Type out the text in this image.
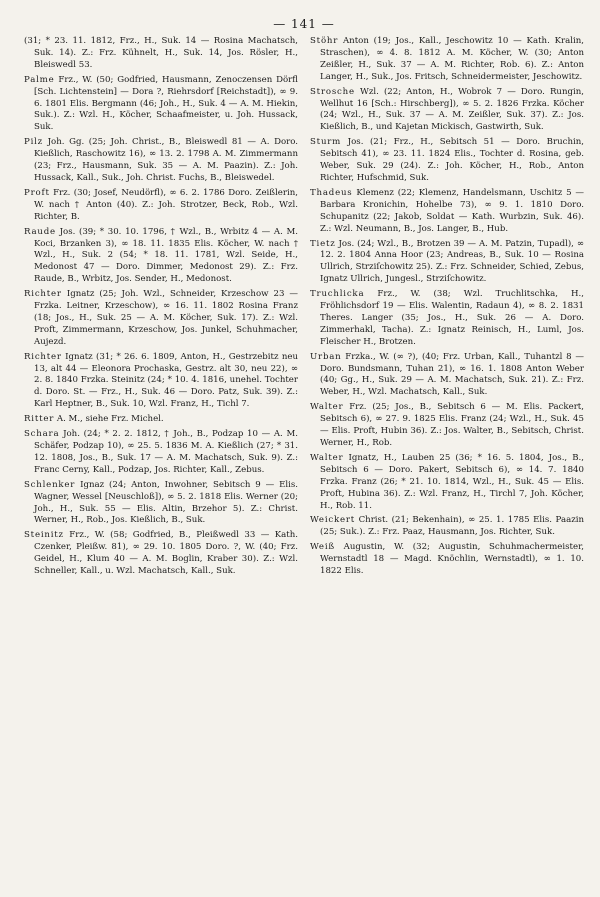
— 141 —

(31; * 23. 11. 1812, Frz., H., Suk. 14 — Rosina Machatsch, Suk. 14). Z.: Frz. Kühnelt, H., Suk. 14, Jos. Rösler, H., Bleiswedl 53.

Palme Frz., W. (50; Godfried, Hausmann, Zenoczensen Dörfl [Sch. Lichtenstein] — Dora ?, Riehrsdorf [Reichstadt]), ∞ 9. 6. 1801 Elis. Bergmann (46; Joh., H., Suk. 4 — A. M. Hiekin, Suk.). Z.: Wzl. H., Köcher, Schaafmeister, u. Joh. Hussack, Suk.

Pilz Joh. Gg. (25; Joh. Christ., B., Bleiswedl 81 — A. Doro. Kießlich, Raschowitz 16), ∞ 13. 2. 1798 A. M. Zimmermann (23; Frz., Hausmann, Suk. 35 — A. M. Paazin). Z.: Joh. Hussack, Kall., Suk., Joh. Christ. Fuchs, B., Bleiswedel.

Proft Frz. (30; Josef, Neudörfl), ∞ 6. 2. 1786 Doro. Zeißlerin, W. nach † Anton (40). Z.: Joh. Strotzer, Beck, Rob., Wzl. Richter, B.

Raude Jos. (39; * 30. 10. 1796, † Wzl., B., Wrbitz 4 — A. M. Koci, Brzanken 3), ∞ 18. 11. 1835 Elis. Köcher, W. nach † Wzl., H., Suk. 2 (54; * 18. 11. 1781, Wzl. Seide, H., Medonost 47 — Doro. Dimmer, Medonost 29). Z.: Frz. Raude, B., Wrbitz, Jos. Sender, H., Medonost.

Richter Ignatz (25; Joh. Wzl., Schneider, Krzeschow 23 — Frzka. Leitner, Krzeschow), ∞ 16. 11. 1802 Rosina Franz (18; Jos., H., Suk. 25 — A. M. Köcher, Suk. 17). Z.: Wzl. Proft, Zimmermann, Krzeschow, Jos. Junkel, Schuhmacher, Aujezd.

Richter Ignatz (31; * 26. 6. 1809, Anton, H., Gestrzebitz neu 13, alt 44 — Eleonora Prochaska, Gestrz. alt 30, neu 22), ∞ 2. 8. 1840 Frzka. Steinitz (24; * 10. 4. 1816, unehel. Tochter d. Doro. St. — Frz., H., Suk. 46 — Doro. Patz, Suk. 39). Z.: Karl Heptner, B., Suk. 10, Wzl. Franz, H., Tichl 7.

Ritter A. M., siehe Frz. Michel.

Schara Joh. (24; * 2. 2. 1812, † Joh., B., Podzap 10 — A. M. Schäfer, Podzap 10), ∞ 25. 5. 1836 M. A. Kießlich (27; * 31. 12. 1808, Jos., B., Suk. 17 — A. M. Machatsch, Suk. 9). Z.: Franc Cerny, Kall., Podzap, Jos. Richter, Kall., Zebus.

Schlenker Ignaz (24; Anton, Inwohner, Sebitsch 9 — Elis. Wagner, Wessel [Neuschloß]), ∞ 5. 2. 1818 Elis. Werner (20; Joh., H., Suk. 55 — Elis. Altin, Brzehor 5). Z.: Christ. Werner, H., Rob., Jos. Kießlich, B., Suk.

Steinitz Frz., W. (58; Godfried, B., Pleißwedl 33 — Kath. Czenker, Pleißw. 81), ∞ 29. 10. 1805 Doro. ?, W. (40; Frz. Geidel, H., Klum 40 — A. M. Boglin, Kraber 30). Z.: Wzl. Schneller, Kall., u. Wzl. Machatsch, Kall., Suk.

Stöhr Anton (19; Jos., Kall., Jeschowitz 10 — Kath. Kralin, Straschen), ∞ 4. 8. 1812 A. M. Köcher, W. (30; Anton Zeißler, H., Suk. 37 — A. M. Richter, Rob. 6). Z.: Anton Langer, H., Suk., Jos. Fritsch, Schneidermeister, Jeschowitz.

Strosche Wzl. (22; Anton, H., Wobrok 7 — Doro. Rungin, Wellhut 16 [Sch.: Hirschberg]), ∞ 5. 2. 1826 Frzka. Köcher (24; Wzl., H., Suk. 37 — A. M. Zeißler, Suk. 37). Z.: Jos. Kießlich, B., und Kajetan Mickisch, Gastwirth, Suk.

Sturm Jos. (21; Frz., H., Sebitsch 51 — Doro. Bruchin, Sebitsch 41), ∞ 23. 11. 1824 Elis., Tochter d. Rosina, geb. Weber, Suk. 29 (24). Z.: Joh. Köcher, H., Rob., Anton Richter, Hufschmid, Suk.

Thadeus Klemenz (22; Klemenz, Handelsmann, Uschitz 5 — Barbara Kronichin, Hohelbe 73), ∞ 9. 1. 1810 Doro. Schupanitz (22; Jakob, Soldat — Kath. Wurbzin, Suk. 46). Z.: Wzl. Neumann, B., Jos. Langer, B., Hub.

Tietz Jos. (24; Wzl., B., Brotzen 39 — A. M. Patzin, Tupadl), ∞ 12. 2. 1804 Anna Hoor (23; Andreas, B., Suk. 10 — Rosina Ullrich, Strziſchowitz 25). Z.: Frz. Schneider, Schied, Zebus, Ignatz Ullrich, Jungesl., Strziſchowitz.

Truchlicka Frz., W. (38; Wzl. Truchlitschka, H., Fröhlichsdorf 19 — Elis. Walentin, Radaun 4), ∞ 8. 2. 1831 Theres. Langer (35; Jos., H., Suk. 26 — A. Doro. Zimmerhakl, Tacha). Z.: Ignatz Reinisch, H., Luml, Jos. Fleischer H., Brotzen.

Urban Frzka., W. (∞ ?), (40; Frz. Urban, Kall., Tuhantzl 8 — Doro. Bundsmann, Tuhan 21), ∞ 16. 1. 1808 Anton Weber (40; Gg., H., Suk. 29 — A. M. Machatsch, Suk. 21). Z.: Frz. Weber, H., Wzl. Machatsch, Kall., Suk.

Walter Frz. (25; Jos., B., Sebitsch 6 — M. Elis. Packert, Sebitsch 6), ∞ 27. 9. 1825 Elis. Franz (24; Wzl., H., Suk. 45 — Elis. Proft, Hubin 36). Z.: Jos. Walter, B., Sebitsch, Christ. Werner, H., Rob.

Walter Ignatz, H., Lauben 25 (36; * 16. 5. 1804, Jos., B., Sebitsch 6 — Doro. Pakert, Sebitsch 6), ∞ 14. 7. 1840 Frzka. Franz (26; * 21. 10. 1814, Wzl., H., Suk. 45 — Elis. Proft, Hubina 36). Z.: Wzl. Franz, H., Tirchl 7, Joh. Köcher, H., Rob. 11.

Weickert Christ. (21; Bekenhain), ∞ 25. 1. 1785 Elis. Paazin (25; Suk.). Z.: Frz. Paaz, Hausmann, Jos. Richter, Suk.

Weiß Augustin, W. (32; Augustin, Schuhmachermeister, Wernstadtl 18 — Magd. Knöchlin, Wernstadtl), ∞ 1. 10. 1822 Elis.
